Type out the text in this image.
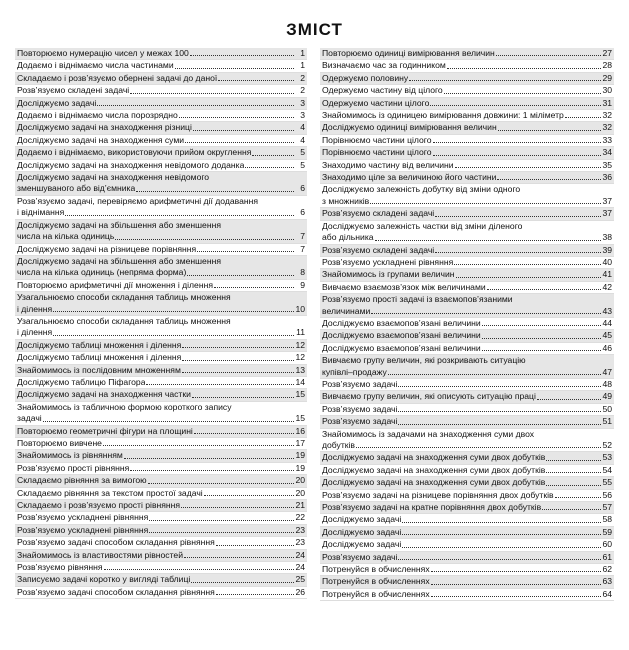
ЗМІСТ
Повторюємо нумерацію чисел у межах 100	1
Додаємо і віднімаємо числа частинами	1
Складаємо і розв’язуємо обернені задачі до даної	2
Розв’язуємо складені задачі	2
Досліджуємо задачі	3
Додаємо і віднімаємо числа порозрядно	3
Досліджуємо задачі на знаходження різниці	4
Досліджуємо задачі на знаходження суми	4
Додаємо і віднімаємо, використовуючи прийом округлення	5
Досліджуємо задачі на знаходження невідомого доданка	5
Досліджуємо задачі на знаходження невідомого
зменшуваного або від’ємника	6
Розв’язуємо задачі, перевіряємо арифметичні дії додавання
і віднімання	6
Досліджуємо задачі на збільшення або зменшення
числа на кілька одиниць	7
Досліджуємо задачі на різницеве порівняння	7
Досліджуємо задачі на збільшення або зменшення
числа на кілька одиниць (непряма форма)	8
Повторюємо арифметичні дії множення і ділення	9
Узагальнюємо способи складання таблиць множення
і ділення	10
Узагальнюємо способи складання таблиць множення
і ділення	11
Досліджуємо таблиці множення і ділення	12
Досліджуємо таблиці множення і ділення	12
Знайомимось із послідовним множенням	13
Досліджуємо таблицю Піфагора	14
Досліджуємо задачі на знаходження частки	15
Знайомимось із табличною формою короткого запису
задачі	15
Повторюємо геометричні фігури на площині	16
Повторюємо вивчене	17
Знайомимось із рівнянням	19
Розв’язуємо прості рівняння	19
Складаємо рівняння за вимогою	20
Складаємо рівняння за текстом простої задачі	20
Складаємо і розв’язуємо прості рівняння	21
Розв’язуємо ускладнені рівняння	22
Розв’язуємо ускладнені рівняння	23
Розв’язуємо задачі способом складання рівняння	23
Знайомимось із властивостями рівностей	24
Розв’язуємо рівняння	24
Записуємо задачі коротко у вигляді таблиці	25
Розв’язуємо задачі способом складання рівняння	26
Повторюємо одиниці вимірювання величин	27
Визначаємо час за годинником	28
Одержуємо половину	29
Одержуємо частину від цілого	30
Одержуємо частини цілого	31
Знайомимось із одиницею вимірювання довжини: 1 міліметр	32
Досліджуємо одиниці вимірювання величин	32
Порівнюємо частини цілого	33
Порівнюємо частини цілого	34
Знаходимо частину від величини	35
Знаходимо ціле за величиною його частини	36
Досліджуємо залежність добутку від зміни одного
з множників	37
Розв’язуємо складені задачі	37
Досліджуємо залежність частки від зміни діленого
або дільника	38
Розв’язуємо складені задачі	39
Розв’язуємо ускладнені рівняння	40
Знайомимось із групами величин	41
Вивчаємо взаємозв’язок між величинами	42
Розв’язуємо прості задачі із взаємопов’язаними
величинами	43
Досліджуємо взаємопов’язані величини	44
Досліджуємо взаємопов’язані величини	45
Досліджуємо взаємопов’язані величини	46
Вивчаємо групу величин, які розкривають ситуацію
купівлі–продажу	47
Розв’язуємо задачі	48
Вивчаємо групу величин, які описують ситуацію праці	49
Розв’язуємо задачі	50
Розв’язуємо задачі	51
Знайомимось із задачами на знаходження суми двох
добутків	52
Досліджуємо задачі на знаходження суми двох добутків	53
Досліджуємо задачі на знаходження суми двох добутків	54
Досліджуємо задачі на знаходження суми двох добутків	55
Розв’язуємо задачі на різницеве порівняння двох добутків	56
Розв’язуємо задачі на кратне порівняння двох добутків	57
Досліджуємо задачі	58
Досліджуємо задачі	59
Досліджуємо задачі	60
Розв’язуємо задачі	61
Потренуйся в обчисленнях	62
Потренуйся в обчисленнях	63
Потренуйся в обчисленнях	64
